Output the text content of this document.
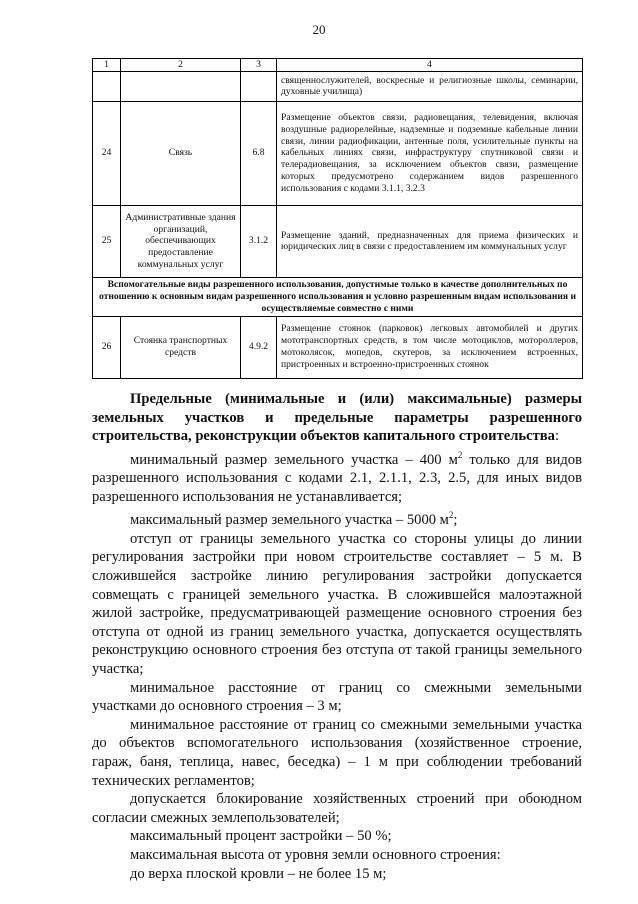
20
1	2	3	4
			священнослужителей, воскресные и религиозные школы, семинарии, духовные училища)
24	Связь	6.8	Размещение объектов связи, радиовещания, телевидения, включая воздушные радиорелейные, надземные и подземные кабельные линии связи, линии радиофикации, антенные поля, усилительные пункты на кабельных линиях связи, инфраструктуру спутниковой связи и телерадиовещания, за исключением объектов связи, размещение которых предусмотрено содержанием видов разрешенного использования с кодами 3.1.1, 3.2.3
25	Административные здания организаций, обеспечивающих предоставление коммунальных услуг	3.1.2	Размещение зданий, предназначенных для приема физических и юридических лиц в связи с предоставлением им коммунальных услуг
Вспомогательные виды разрешенного использования, допустимые только в качестве дополнительных по отношению к основным видам разрешенного использования и условно разрешенным видам использования и осуществляемые совместно с ними			
26	Стоянка транспортных средств	4.9.2	Размещение стоянок (парковок) легковых автомобилей и других мототранспортных средств, в том числе мотоциклов, мотороллеров, мотоколясок, мопедов, скутеров, за исключением встроенных, пристроенных и встроенно-пристроенных стоянок

Предельные (минимальные и (или) максимальные) размеры земельных участков и предельные параметры разрешенного строительства, реконструкции объектов капитального строительства:

минимальный размер земельного участка – 400 $м^2$ только для видов разрешенного использования с кодами 2.1, 2.1.1, 2.3, 2.5, для иных видов разрешенного использования не устанавливается;

максимальный размер земельного участка – 5000 $м^2$;

отступ от границы земельного участка со стороны улицы до линии регулирования застройки при новом строительстве составляет – 5 м. В сложившейся застройке линию регулирования застройки допускается совмещать с границей земельного участка. В сложившейся малоэтажной жилой застройке, предусматривающей размещение основного строения без отступа от одной из границ земельного участка, допускается осуществлять реконструкцию основного строения без отступа от такой границы земельного участка;

минимальное расстояние от границ со смежными земельными участками до основного строения – 3 м;

минимальное расстояние от границ со смежными земельными участка до объектов вспомогательного использования (хозяйственное строение, гараж, баня, теплица, навес, беседка) – 1 м при соблюдении требований технических регламентов;

допускается блокирование хозяйственных строений при обоюдном согласии смежных землепользователей;

максимальный процент застройки – 50 %;

максимальная высота от уровня земли основного строения:

до верха плоской кровли – не более 15 м;
